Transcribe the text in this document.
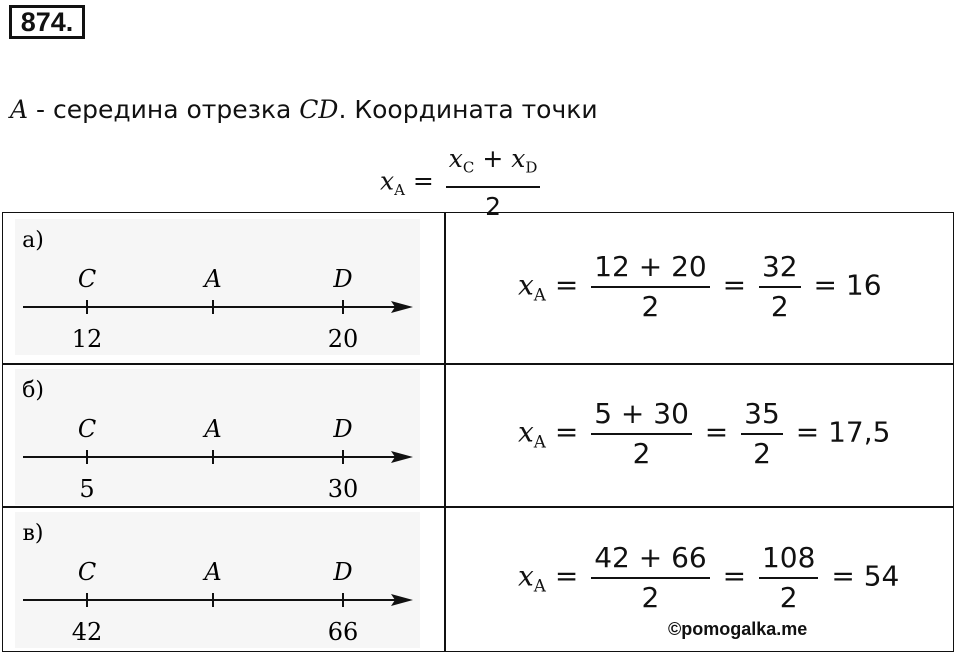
874.
A - середина отрезка CD. Координата точки
$x_A = \frac{x_C + x_D}{2}$
а)
C	A	D
12	20
$x_A = \frac{12 + 20}{2} = \frac{32}{2} = 16$
б)
C	A	D
5	30
$x_A = \frac{5 + 30}{2} = \frac{35}{2} = 17,5$
в)
C	A	D
42	66
$x_A = \frac{42 + 66}{2} = \frac{108}{2} = 54$
©pomogalka.me
